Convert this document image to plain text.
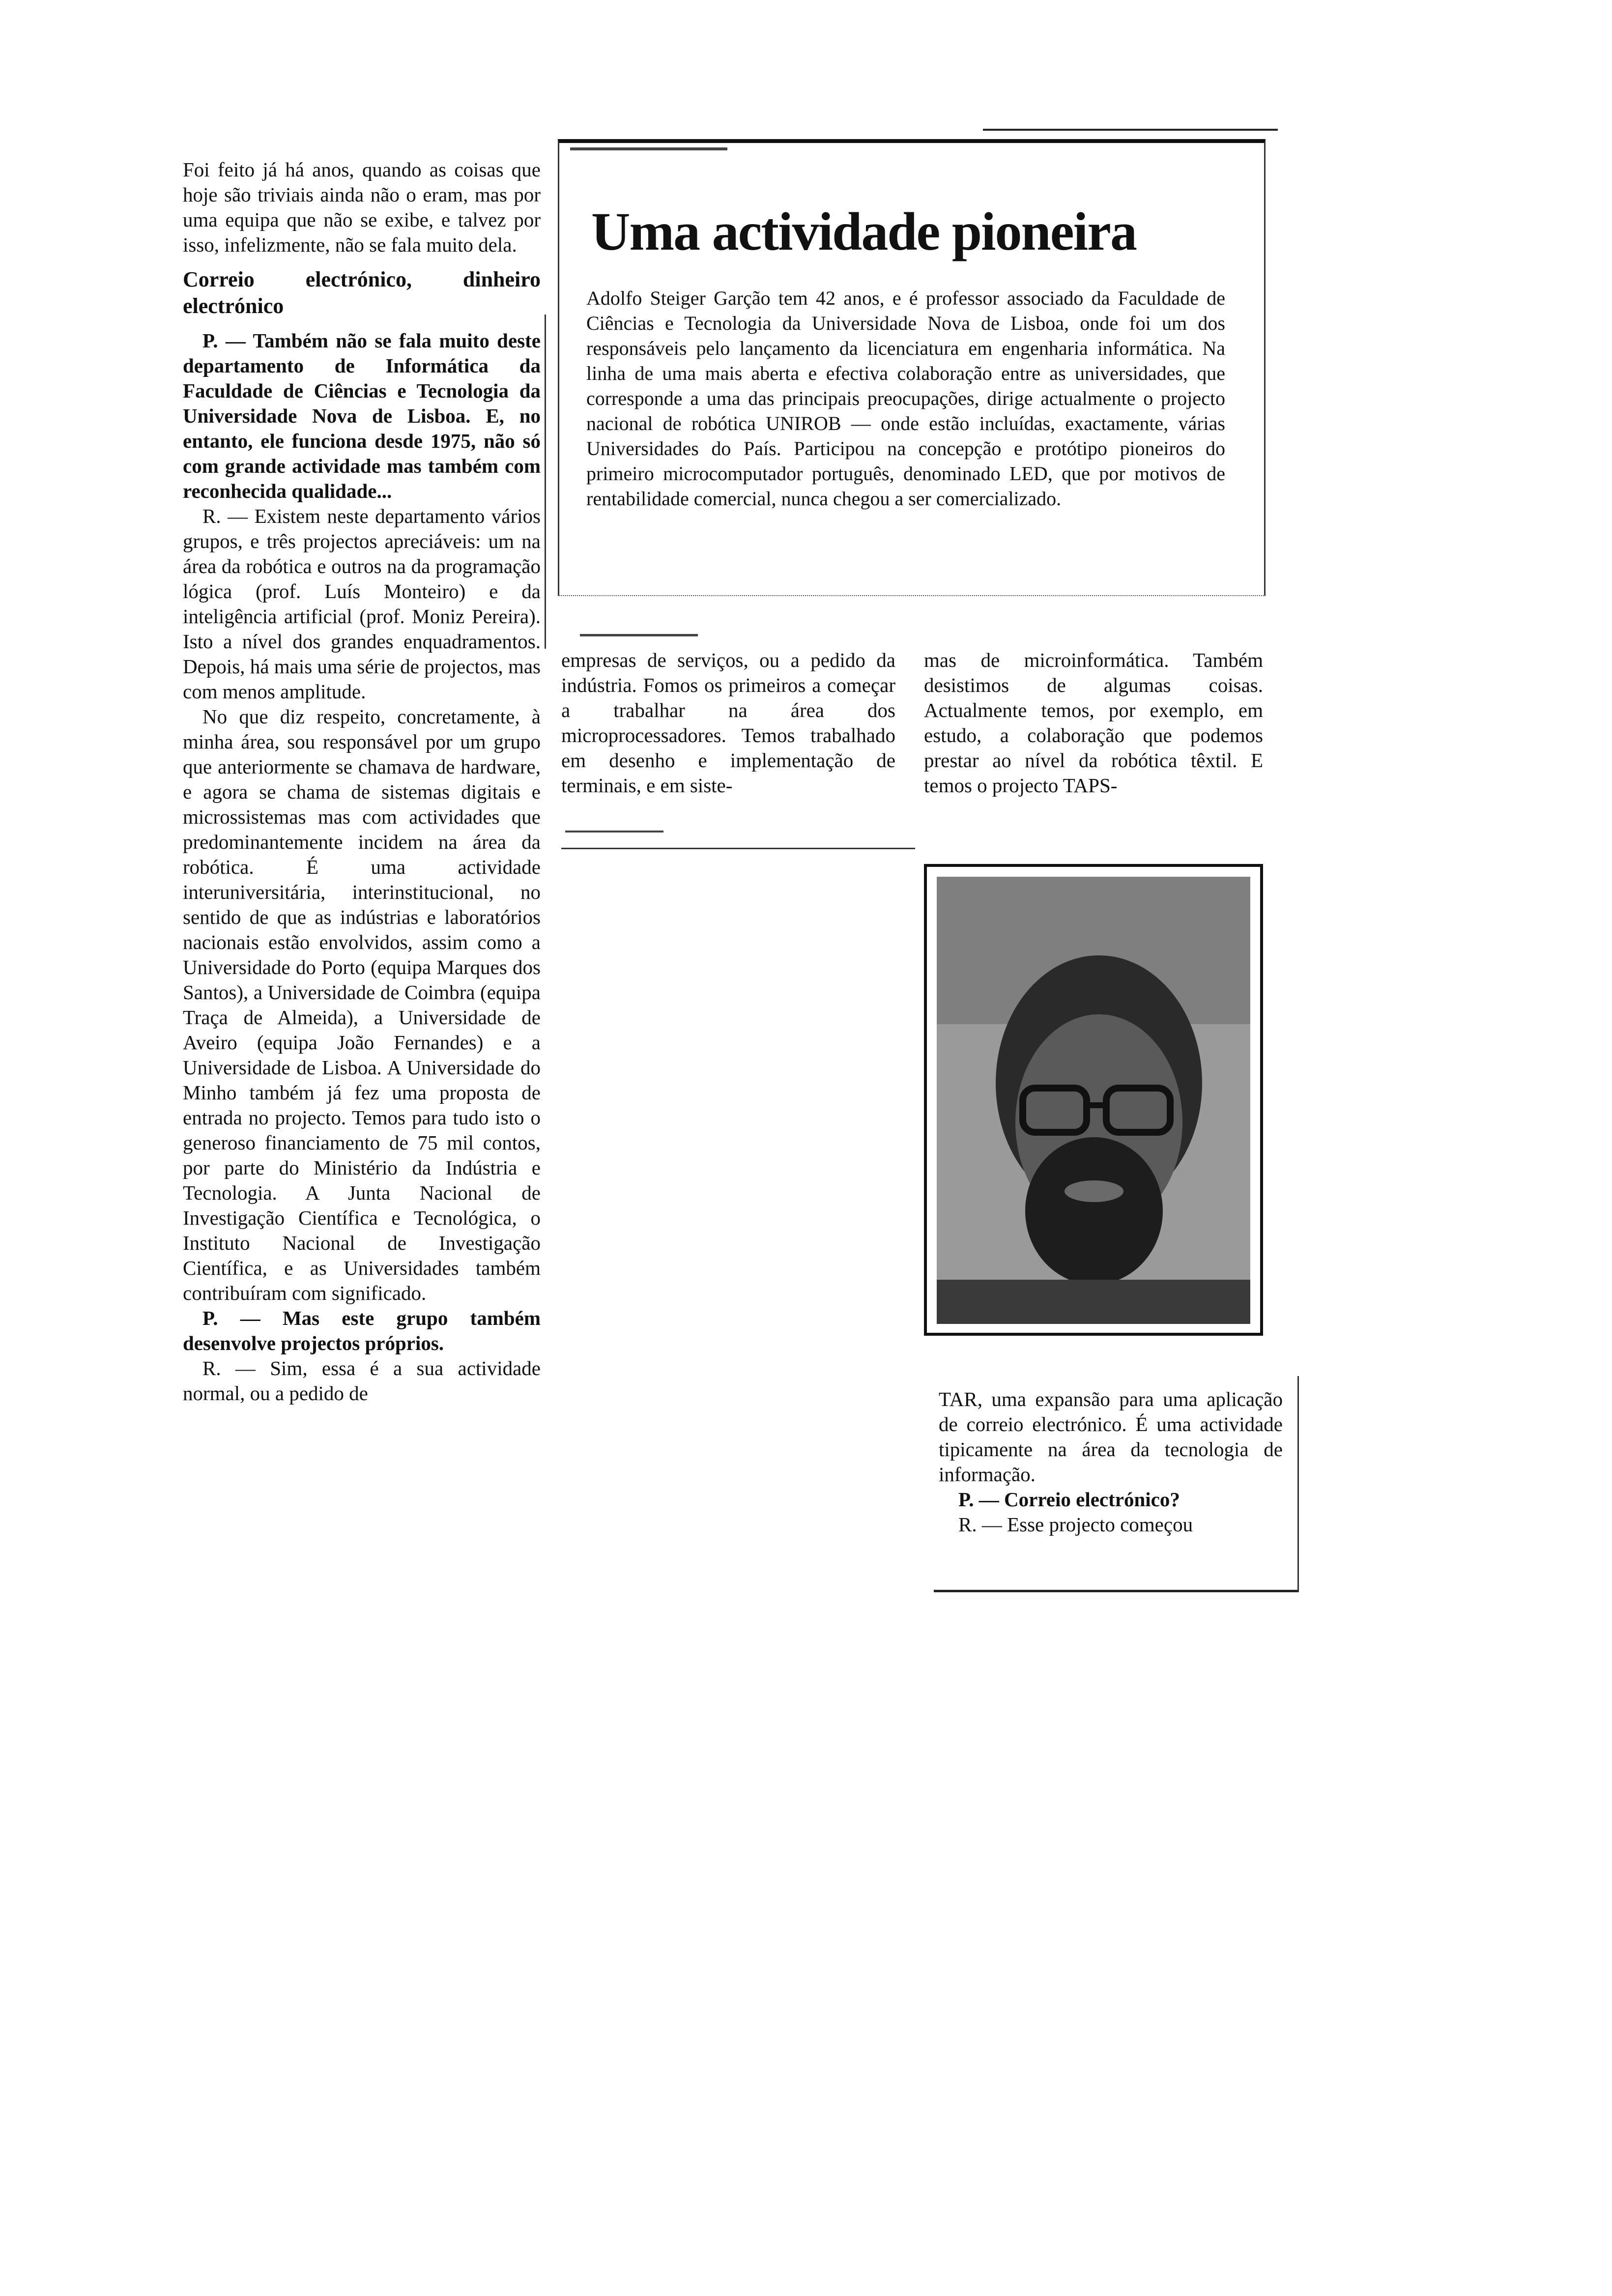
Foi feito já há anos, quando as coisas que hoje são triviais ainda não o eram, mas por uma equipa que não se exibe, e talvez por isso, infelizmente, não se fala muito dela.

Correio electrónico, dinheiro electrónico

P. — Também não se fala muito deste departamento de Informática da Faculdade de Ciências e Tecnologia da Universidade Nova de Lisboa. E, no entanto, ele funciona desde 1975, não só com grande actividade mas também com reconhecida qualidade...

R. — Existem neste departamento vários grupos, e três projectos apreciáveis: um na área da robótica e outros na da programação lógica (prof. Luís Monteiro) e da inteligência artificial (prof. Moniz Pereira). Isto a nível dos grandes enquadramentos. Depois, há mais uma série de projectos, mas com menos amplitude.

No que diz respeito, concretamente, à minha área, sou responsável por um grupo que anteriormente se chamava de hardware, e agora se chama de sistemas digitais e microssistemas mas com actividades que predominantemente incidem na área da robótica. É uma actividade interuniversitária, interinstitucional, no sentido de que as indústrias e laboratórios nacionais estão envolvidos, assim como a Universidade do Porto (equipa Marques dos Santos), a Universidade de Coimbra (equipa Traça de Almeida), a Universidade de Aveiro (equipa João Fernandes) e a Universidade de Lisboa. A Universidade do Minho também já fez uma proposta de entrada no projecto. Temos para tudo isto o generoso financiamento de 75 mil contos, por parte do Ministério da Indústria e Tecnologia. A Junta Nacional de Investigação Científica e Tecnológica, o Instituto Nacional de Investigação Científica, e as Universidades também contribuíram com significado.

P. — Mas este grupo também desenvolve projectos próprios.

R. — Sim, essa é a sua actividade normal, ou a pedido de

Uma actividade pioneira
Adolfo Steiger Garção tem 42 anos, e é professor associado da Faculdade de Ciências e Tecnologia da Universidade Nova de Lisboa, onde foi um dos responsáveis pelo lançamento da licenciatura em engenharia informática. Na linha de uma mais aberta e efectiva colaboração entre as universidades, que corresponde a uma das principais preocupações, dirige actualmente o projecto nacional de robótica UNIROB — onde estão incluídas, exactamente, várias Universidades do País. Participou na concepção e protótipo pioneiros do primeiro microcomputador português, denominado LED, que por motivos de rentabilidade comercial, nunca chegou a ser comercializado.

empresas de serviços, ou a pedido da indústria. Fomos os primeiros a começar a trabalhar na área dos microprocessadores. Temos trabalhado em desenho e implementação de terminais, e em siste-

mas de microinformática. Também desistimos de algumas coisas. Actualmente temos, por exemplo, em estudo, a colaboração que podemos prestar ao nível da robótica têxtil. E temos o projecto TAPS-

TAR, uma expansão para uma aplicação de correio electrónico. É uma actividade tipicamente na área da tecnologia de informação.

P. — Correio electrónico?

R. — Esse projecto começou
